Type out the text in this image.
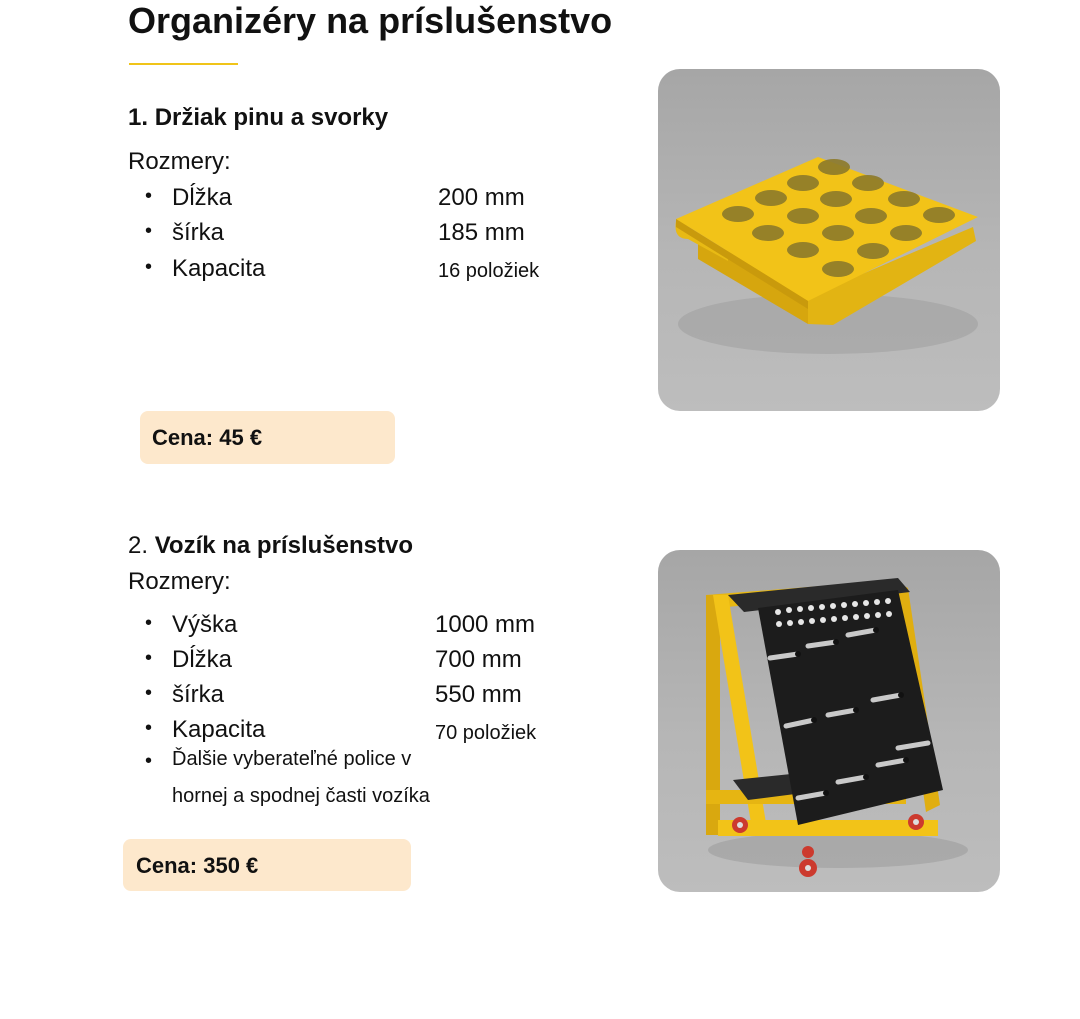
Organizéry na príslušenstvo
1. Držiak pinu a svorky
Rozmery:
• Dĺžka	200 mm
• šírka	185 mm
• Kapacita	16 položiek
Cena: 45 €
2. Vozík na príslušenstvo
Rozmery:
• Výška	1000 mm
• Dĺžka	700 mm
• šírka	550 mm
• Kapacita	70 položiek
• Ďalšie vyberateľné police v
hornej a spodnej časti vozíka
Cena: 350 €
